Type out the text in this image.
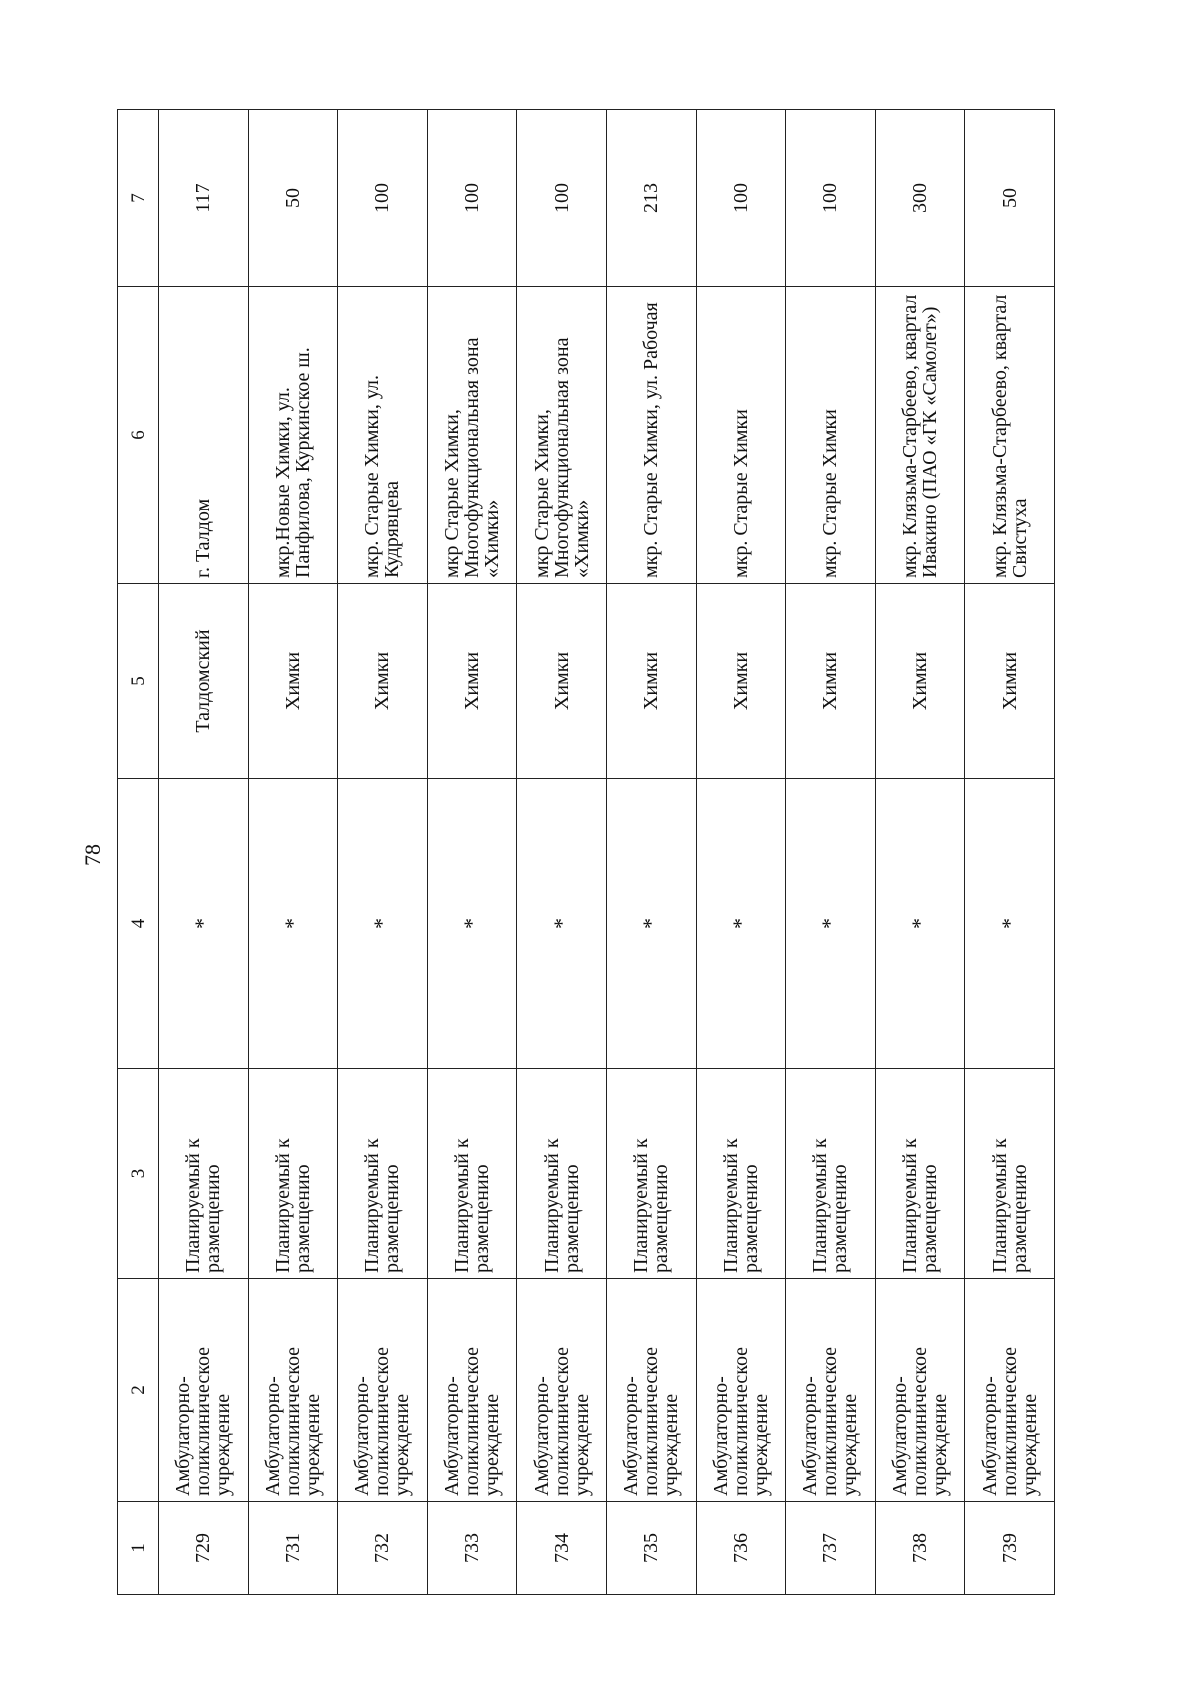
78
1	2	3	4	5	6	7
729	Амбулаторно-поликлиническое учреждение	Планируемый к размещению	*	Талдомский	г. Талдом	117
731	Амбулаторно-поликлиническое учреждение	Планируемый к размещению	*	Химки	мкр.Новые Химки, ул. Панфилова, Куркинское ш.	50
732	Амбулаторно-поликлиническое учреждение	Планируемый к размещению	*	Химки	мкр. Старые Химки, ул. Кудрявцева	100
733	Амбулаторно-поликлиническое учреждение	Планируемый к размещению	*	Химки	мкр Старые Химки, Многофункциональная зона «Химки»	100
734	Амбулаторно-поликлиническое учреждение	Планируемый к размещению	*	Химки	мкр Старые Химки, Многофункциональная зона «Химки»	100
735	Амбулаторно-поликлиническое учреждение	Планируемый к размещению	*	Химки	мкр. Старые Химки, ул. Рабочая	213
736	Амбулаторно-поликлиническое учреждение	Планируемый к размещению	*	Химки	мкр. Старые Химки	100
737	Амбулаторно-поликлиническое учреждение	Планируемый к размещению	*	Химки	мкр. Старые Химки	100
738	Амбулаторно-поликлиническое учреждение	Планируемый к размещению	*	Химки	мкр. Клязьма-Старбеево, квартал Ивакино (ПАО «ГК «Самолет»)	300
739	Амбулаторно-поликлиническое учреждение	Планируемый к размещению	*	Химки	мкр. Клязьма-Старбеево, квартал Свистуха	50
